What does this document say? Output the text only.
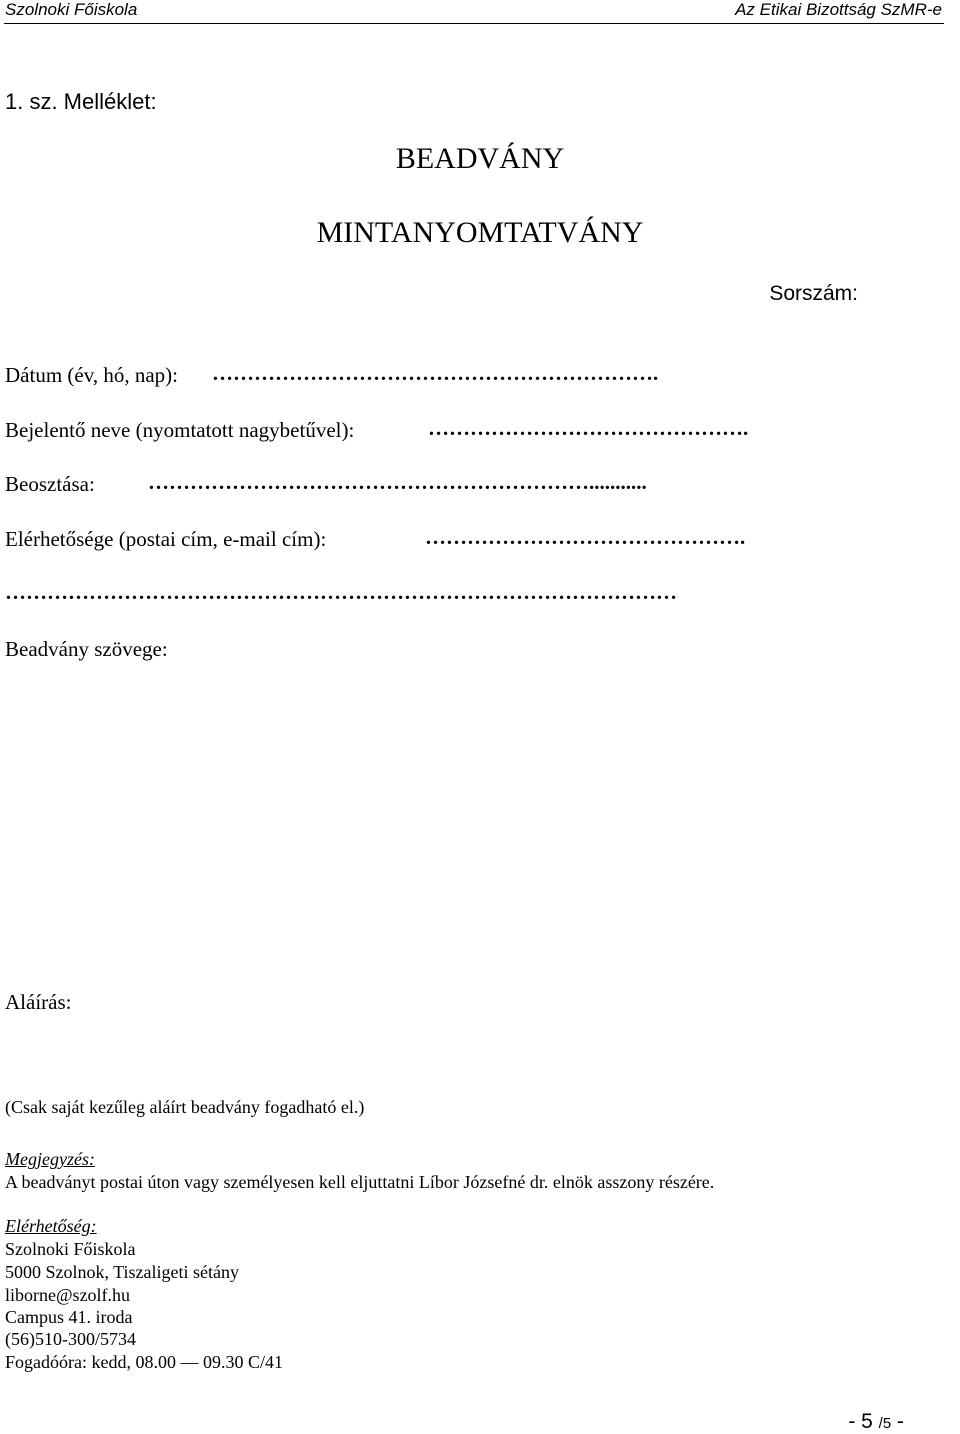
Szolnoki Főiskola	Az Etikai Bizottság SzMR-e
1. sz. Melléklet:
BEADVÁNY
MINTANYOMTATVÁNY
Sorszám:
Dátum (év, hó, nap): ……………………………………………………….
Bejelentő neve (nyomtatott nagybetűvel):	……………………………………….
Beosztása:	………………………………………………………...........
Elérhetősége (postai cím, e-mail cím):	……………………………………….
……………………………………………………………………………………
Beadvány szövege:
Aláírás:
(Csak saját kezűleg aláírt beadvány fogadható el.)
Megjegyzés:
A beadványt postai úton vagy személyesen kell eljuttatni Líbor Józsefné dr. elnök asszony részére.
Elérhetőség:
Szolnoki Főiskola
5000 Szolnok, Tiszaligeti sétány
liborne@szolf.hu
Campus 41. iroda
(56)510-300/5734
Fogadóóra: kedd, 08.00 — 09.30 C/41
- 5 /5 -
